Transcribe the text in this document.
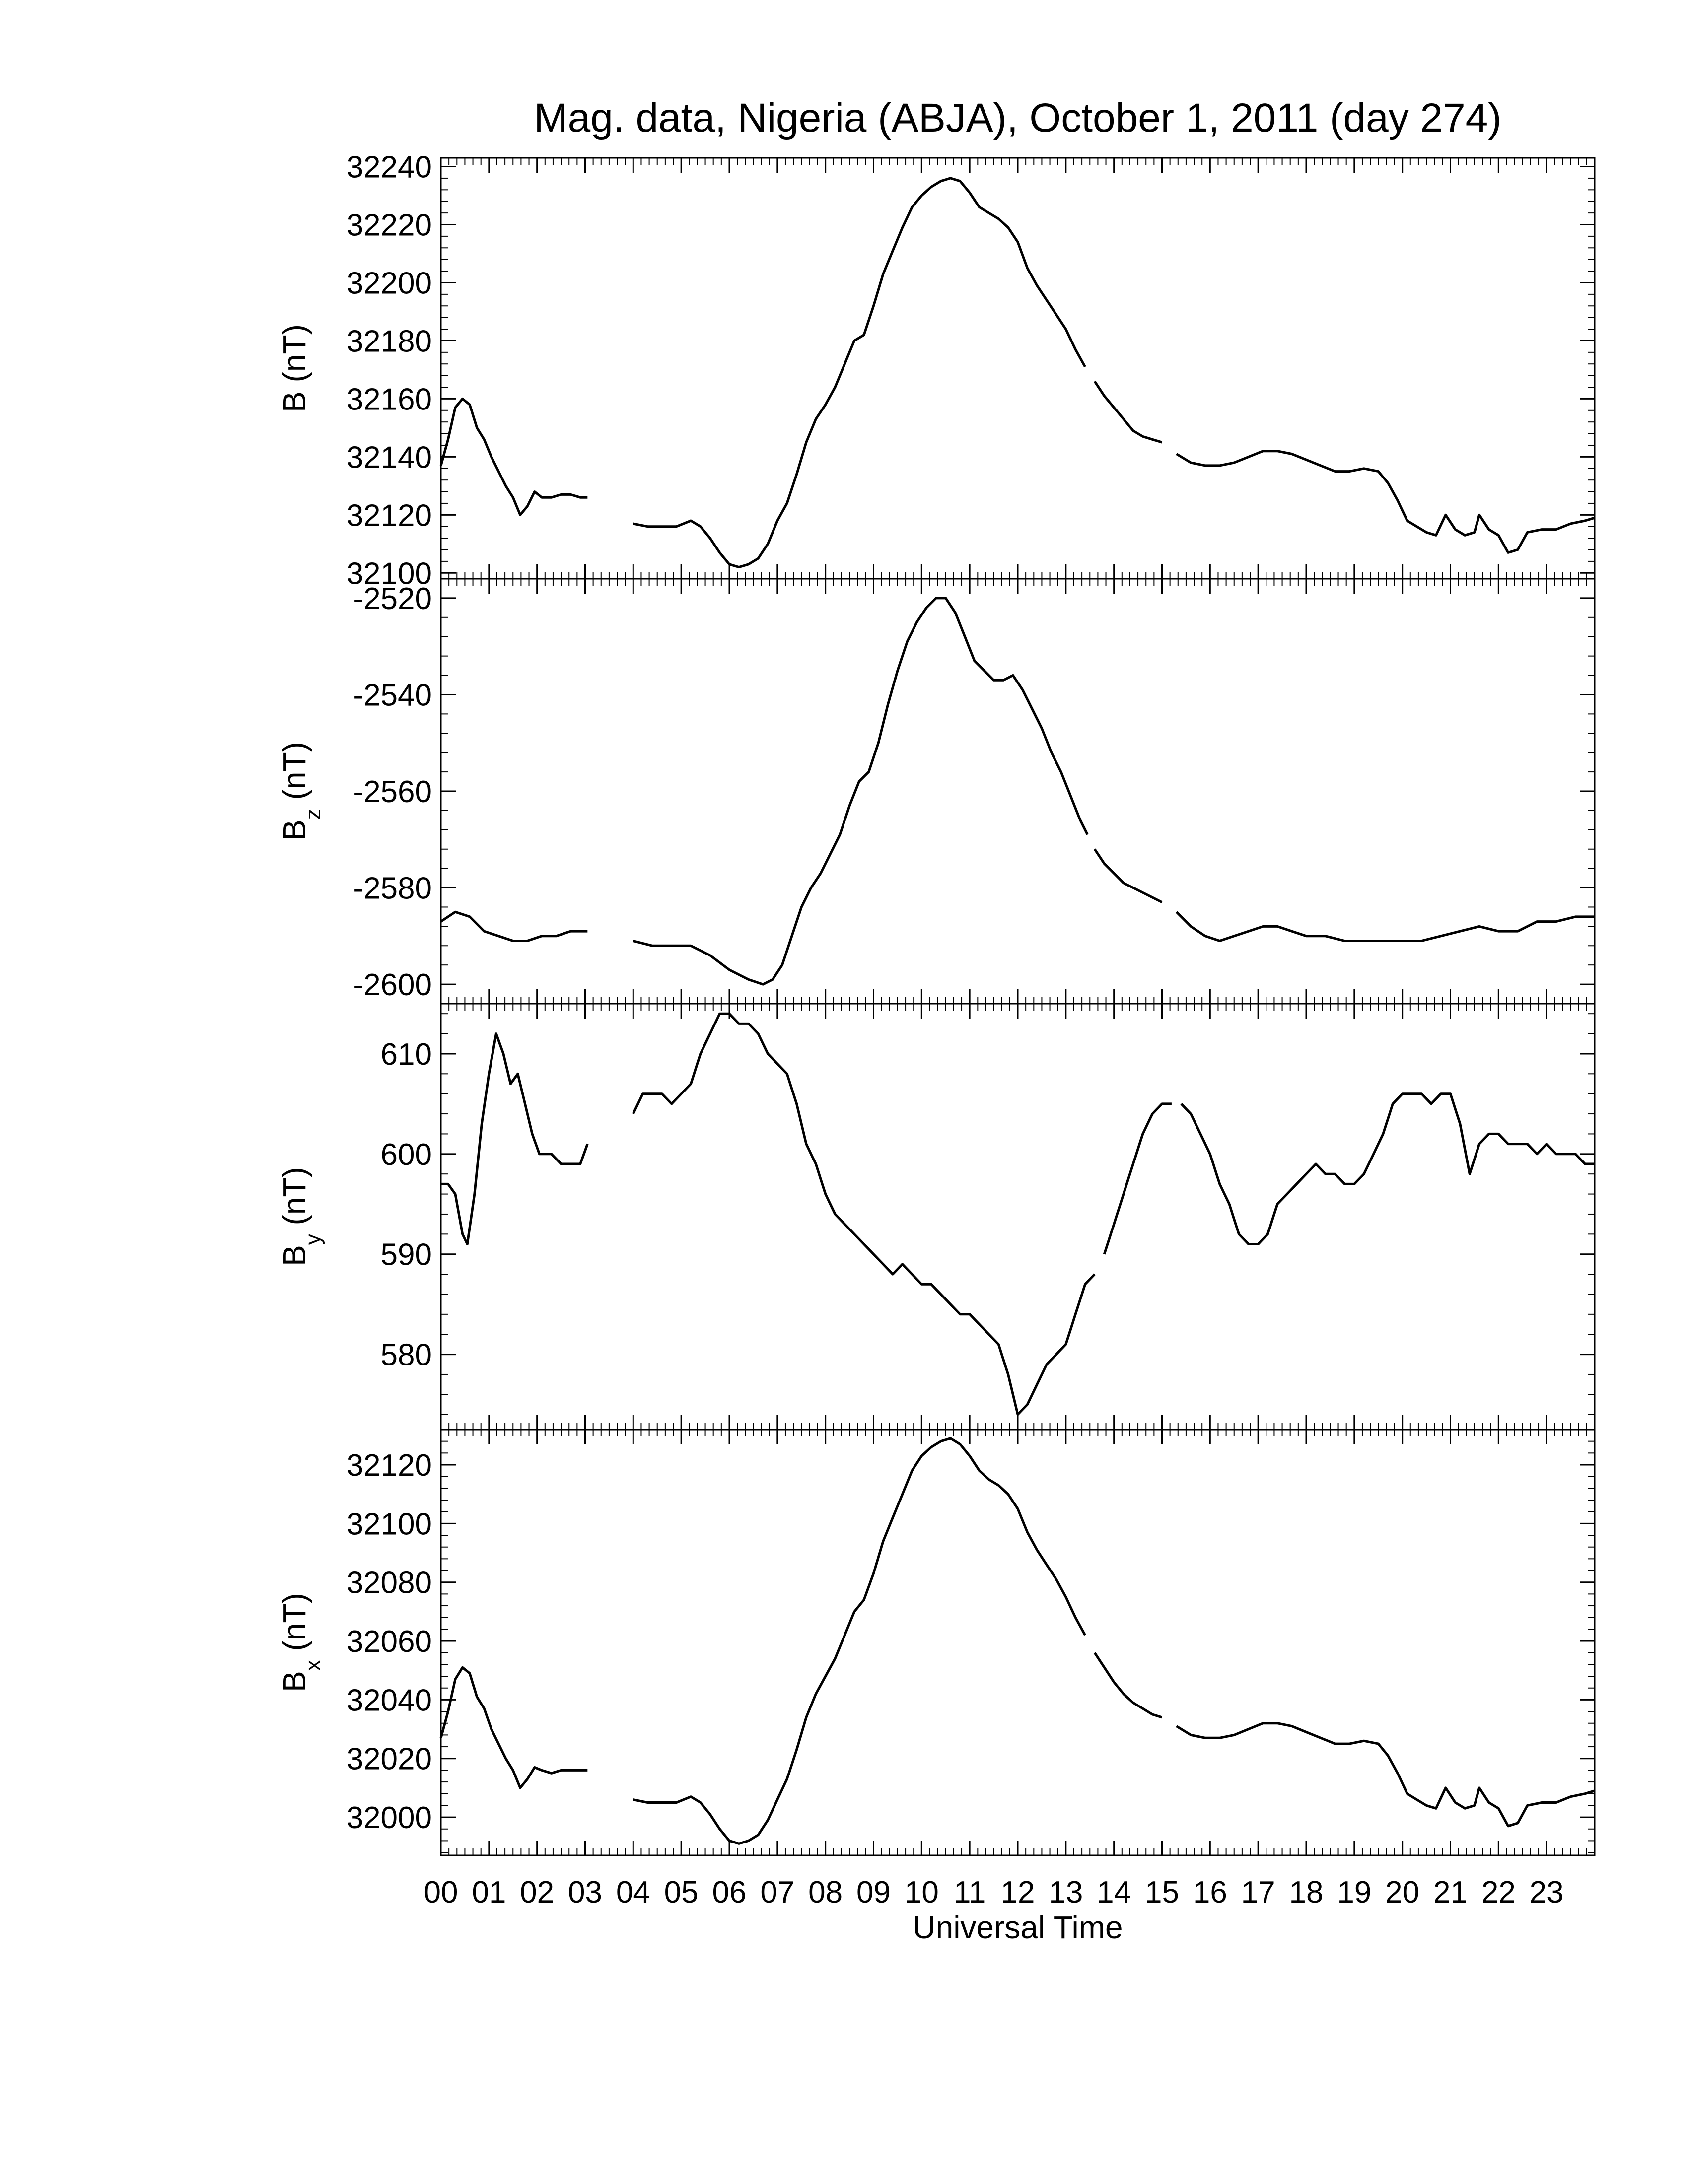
Mag. data, Nigeria (ABJA), October 1, 2011 (day 274)
32100
32120
32140
32160
32180
32200
32220
32240
B (nT)
-2600
-2580
-2560
-2540
-2520
$B_z$ (nT)
580
590
600
610
$B_y$ (nT)
32000
32020
32040
32060
32080
32100
32120
$B_x$ (nT)
00 01 02 03 04 05 06 07 08 09 10 11 12 13 14 15 16 17 18 19 20 21 22 23
Universal Time
